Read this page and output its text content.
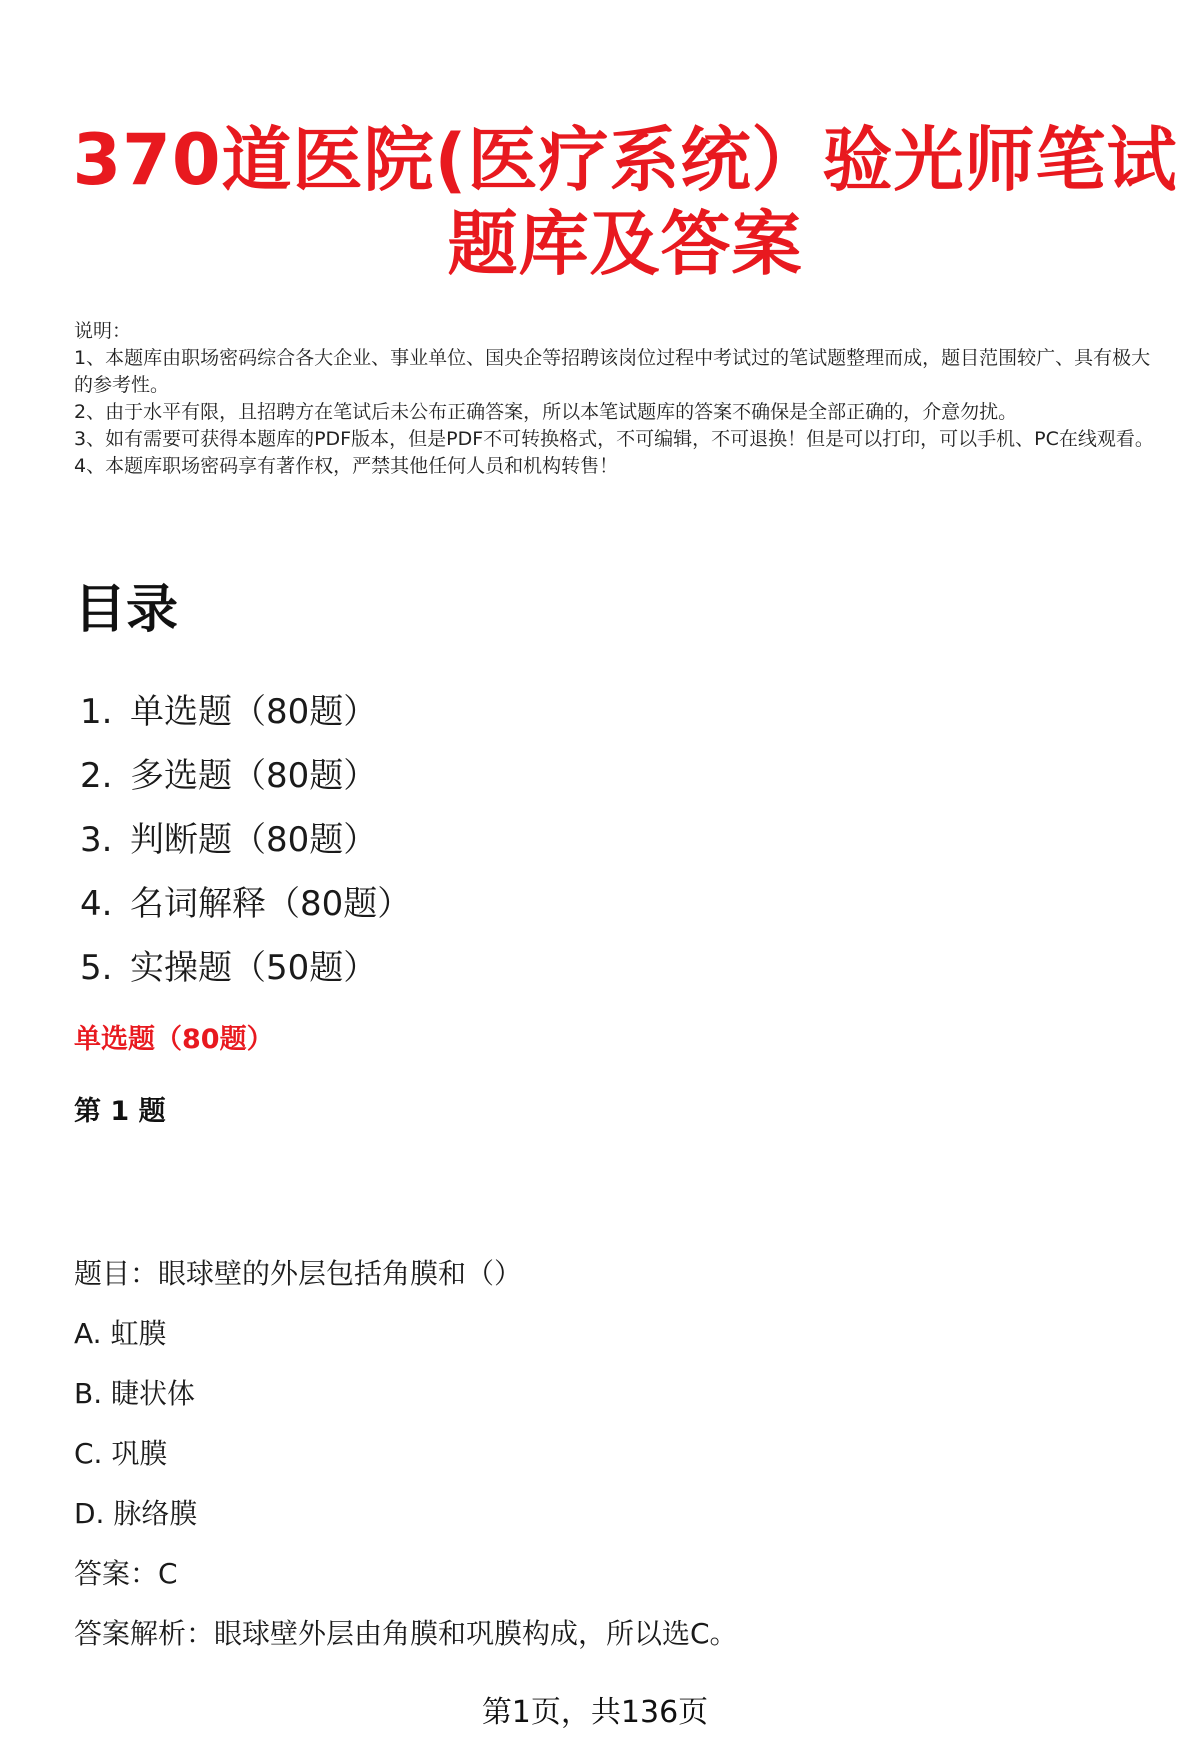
370道医院(医疗系统）验光师笔试
题库及答案

说明：

1、本题库由职场密码综合各大企业、事业单位、国央企等招聘该岗位过程中考试过的笔试题整理而成，题目范围较广、具有极大的参考性。

2、由于水平有限，且招聘方在笔试后未公布正确答案，所以本笔试题库的答案不确保是全部正确的，介意勿扰。

3、如有需要可获得本题库的PDF版本，但是PDF不可转换格式，不可编辑，不可退换！但是可以打印，可以手机、PC在线观看。

4、本题库职场密码享有著作权，严禁其他任何人员和机构转售！

目录
1. 单选题（80题）
2. 多选题（80题）
3. 判断题（80题）
4. 名词解释（80题）
5. 实操题（50题）
单选题（80题）
第 1 题
题目：眼球壁的外层包括角膜和（）
A. 虹膜
B. 睫状体
C. 巩膜
D. 脉络膜
答案：C
答案解析：眼球壁外层由角膜和巩膜构成，所以选C。
第1页，共136页
